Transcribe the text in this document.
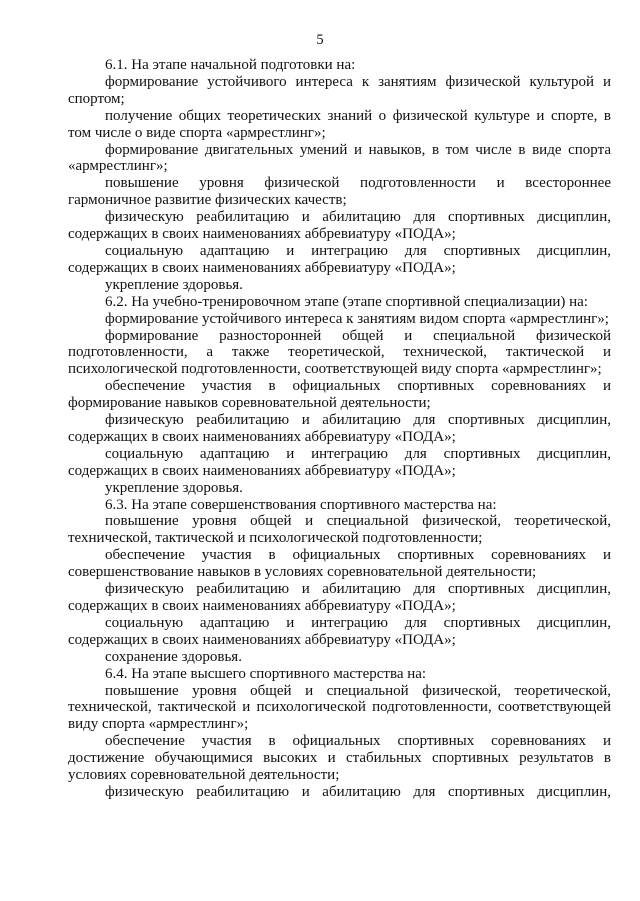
5

6.1. На этапе начальной подготовки на:

формирование устойчивого интереса к занятиям физической культурой и спортом;

получение общих теоретических знаний о физической культуре и спорте, в том числе о виде спорта «армрестлинг»;

формирование двигательных умений и навыков, в том числе в виде спорта «армрестлинг»;

повышение уровня физической подготовленности и всестороннее гармоничное развитие физических качеств;

физическую реабилитацию и абилитацию для спортивных дисциплин, содержащих в своих наименованиях аббревиатуру «ПОДА»;

социальную адаптацию и интеграцию для спортивных дисциплин, содержащих в своих наименованиях аббревиатуру «ПОДА»;

укрепление здоровья.

6.2. На учебно-тренировочном этапе (этапе спортивной специализации) на:

формирование устойчивого интереса к занятиям видом спорта «армрестлинг»;

формирование разносторонней общей и специальной физической подготовленности, а также теоретической, технической, тактической и психологической подготовленности, соответствующей виду спорта «армрестлинг»;

обеспечение участия в официальных спортивных соревнованиях и формирование навыков соревновательной деятельности;

физическую реабилитацию и абилитацию для спортивных дисциплин, содержащих в своих наименованиях аббревиатуру «ПОДА»;

социальную адаптацию и интеграцию для спортивных дисциплин, содержащих в своих наименованиях аббревиатуру «ПОДА»;

укрепление здоровья.

6.3. На этапе совершенствования спортивного мастерства на:

повышение уровня общей и специальной физической, теоретической, технической, тактической и психологической подготовленности;

обеспечение участия в официальных спортивных соревнованиях и совершенствование навыков в условиях соревновательной деятельности;

физическую реабилитацию и абилитацию для спортивных дисциплин, содержащих в своих наименованиях аббревиатуру «ПОДА»;

социальную адаптацию и интеграцию для спортивных дисциплин, содержащих в своих наименованиях аббревиатуру «ПОДА»;

сохранение здоровья.

6.4. На этапе высшего спортивного мастерства на:

повышение уровня общей и специальной физической, теоретической, технической, тактической и психологической подготовленности, соответствующей виду спорта «армрестлинг»;

обеспечение участия в официальных спортивных соревнованиях и достижение обучающимися высоких и стабильных спортивных результатов в условиях соревновательной деятельности;

физическую реабилитацию и абилитацию для спортивных дисциплин,
